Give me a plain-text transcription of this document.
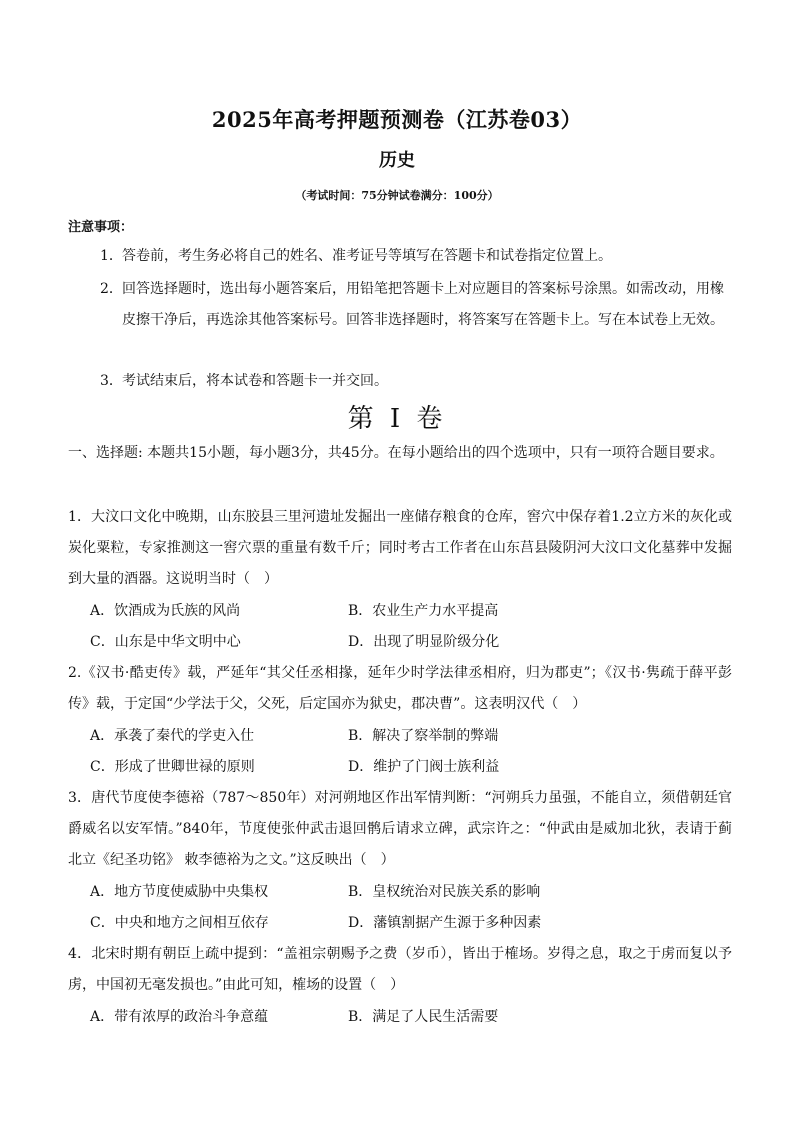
2025年高考押题预测卷（江苏卷03）
历史
（考试时间：75分钟试卷满分：100分）
注意事项：
1．答卷前，考生务必将自己的姓名、准考证号等填写在答题卡和试卷指定位置上。
2．回答选择题时，选出每小题答案后，用铅笔把答题卡上对应题目的答案标号涂黑。如需改动，用橡皮擦干净后，再选涂其他答案标号。回答非选择题时，将答案写在答题卡上。写在本试卷上无效。
3．考试结束后，将本试卷和答题卡一并交回。
第 I 卷
一、选择题: 本题共15小题，每小题3分，共45分。在每小题给出的四个选项中，只有一项符合题目要求。
1．大汶口文化中晚期，山东胶县三里河遗址发掘出一座储存粮食的仓库，窖穴中保存着1.2立方米的灰化或炭化粟粒，专家推测这一窖穴票的重量有数千斤；同时考古工作者在山东莒县陵阴河大汶口文化墓葬中发掘到大量的酒器。这说明当时（　）
A．饮酒成为氏族的风尚	B．农业生产力水平提高
C．山东是中华文明中心	D．出现了明显阶级分化
2.《汉书·酷吏传》载，严延年“其父任丞相掾，延年少时学法律丞相府，归为郡吏”；《汉书·隽疏于薛平彭传》载，于定国“少学法于父，父死，后定国亦为狱史，郡决曹”。这表明汉代（　）
A．承袭了秦代的学吏入仕	B．解决了察举制的弊端
C．形成了世卿世禄的原则	D．维护了门阀士族利益
3．唐代节度使李德裕（787～850年）对河朔地区作出军情判断：“河朔兵力虽强，不能自立，须借朝廷官爵威名以安军情。”840年，节度使张仲武击退回鹘后请求立碑，武宗许之：“仲武由是威加北狄，表请于蓟北立《纪圣功铭》 敕李德裕为之文。”这反映出（　）
A．地方节度使威胁中央集权	B．皇权统治对民族关系的影响
C．中央和地方之间相互依存	D．藩镇割据产生源于多种因素
4．北宋时期有朝臣上疏中提到：“盖祖宗朝赐予之费（岁币），皆出于榷场。岁得之息，取之于虏而复以予虏，中国初无毫发损也。”由此可知，榷场的设置（　）
A．带有浓厚的政治斗争意蕴	B．满足了人民生活需要
